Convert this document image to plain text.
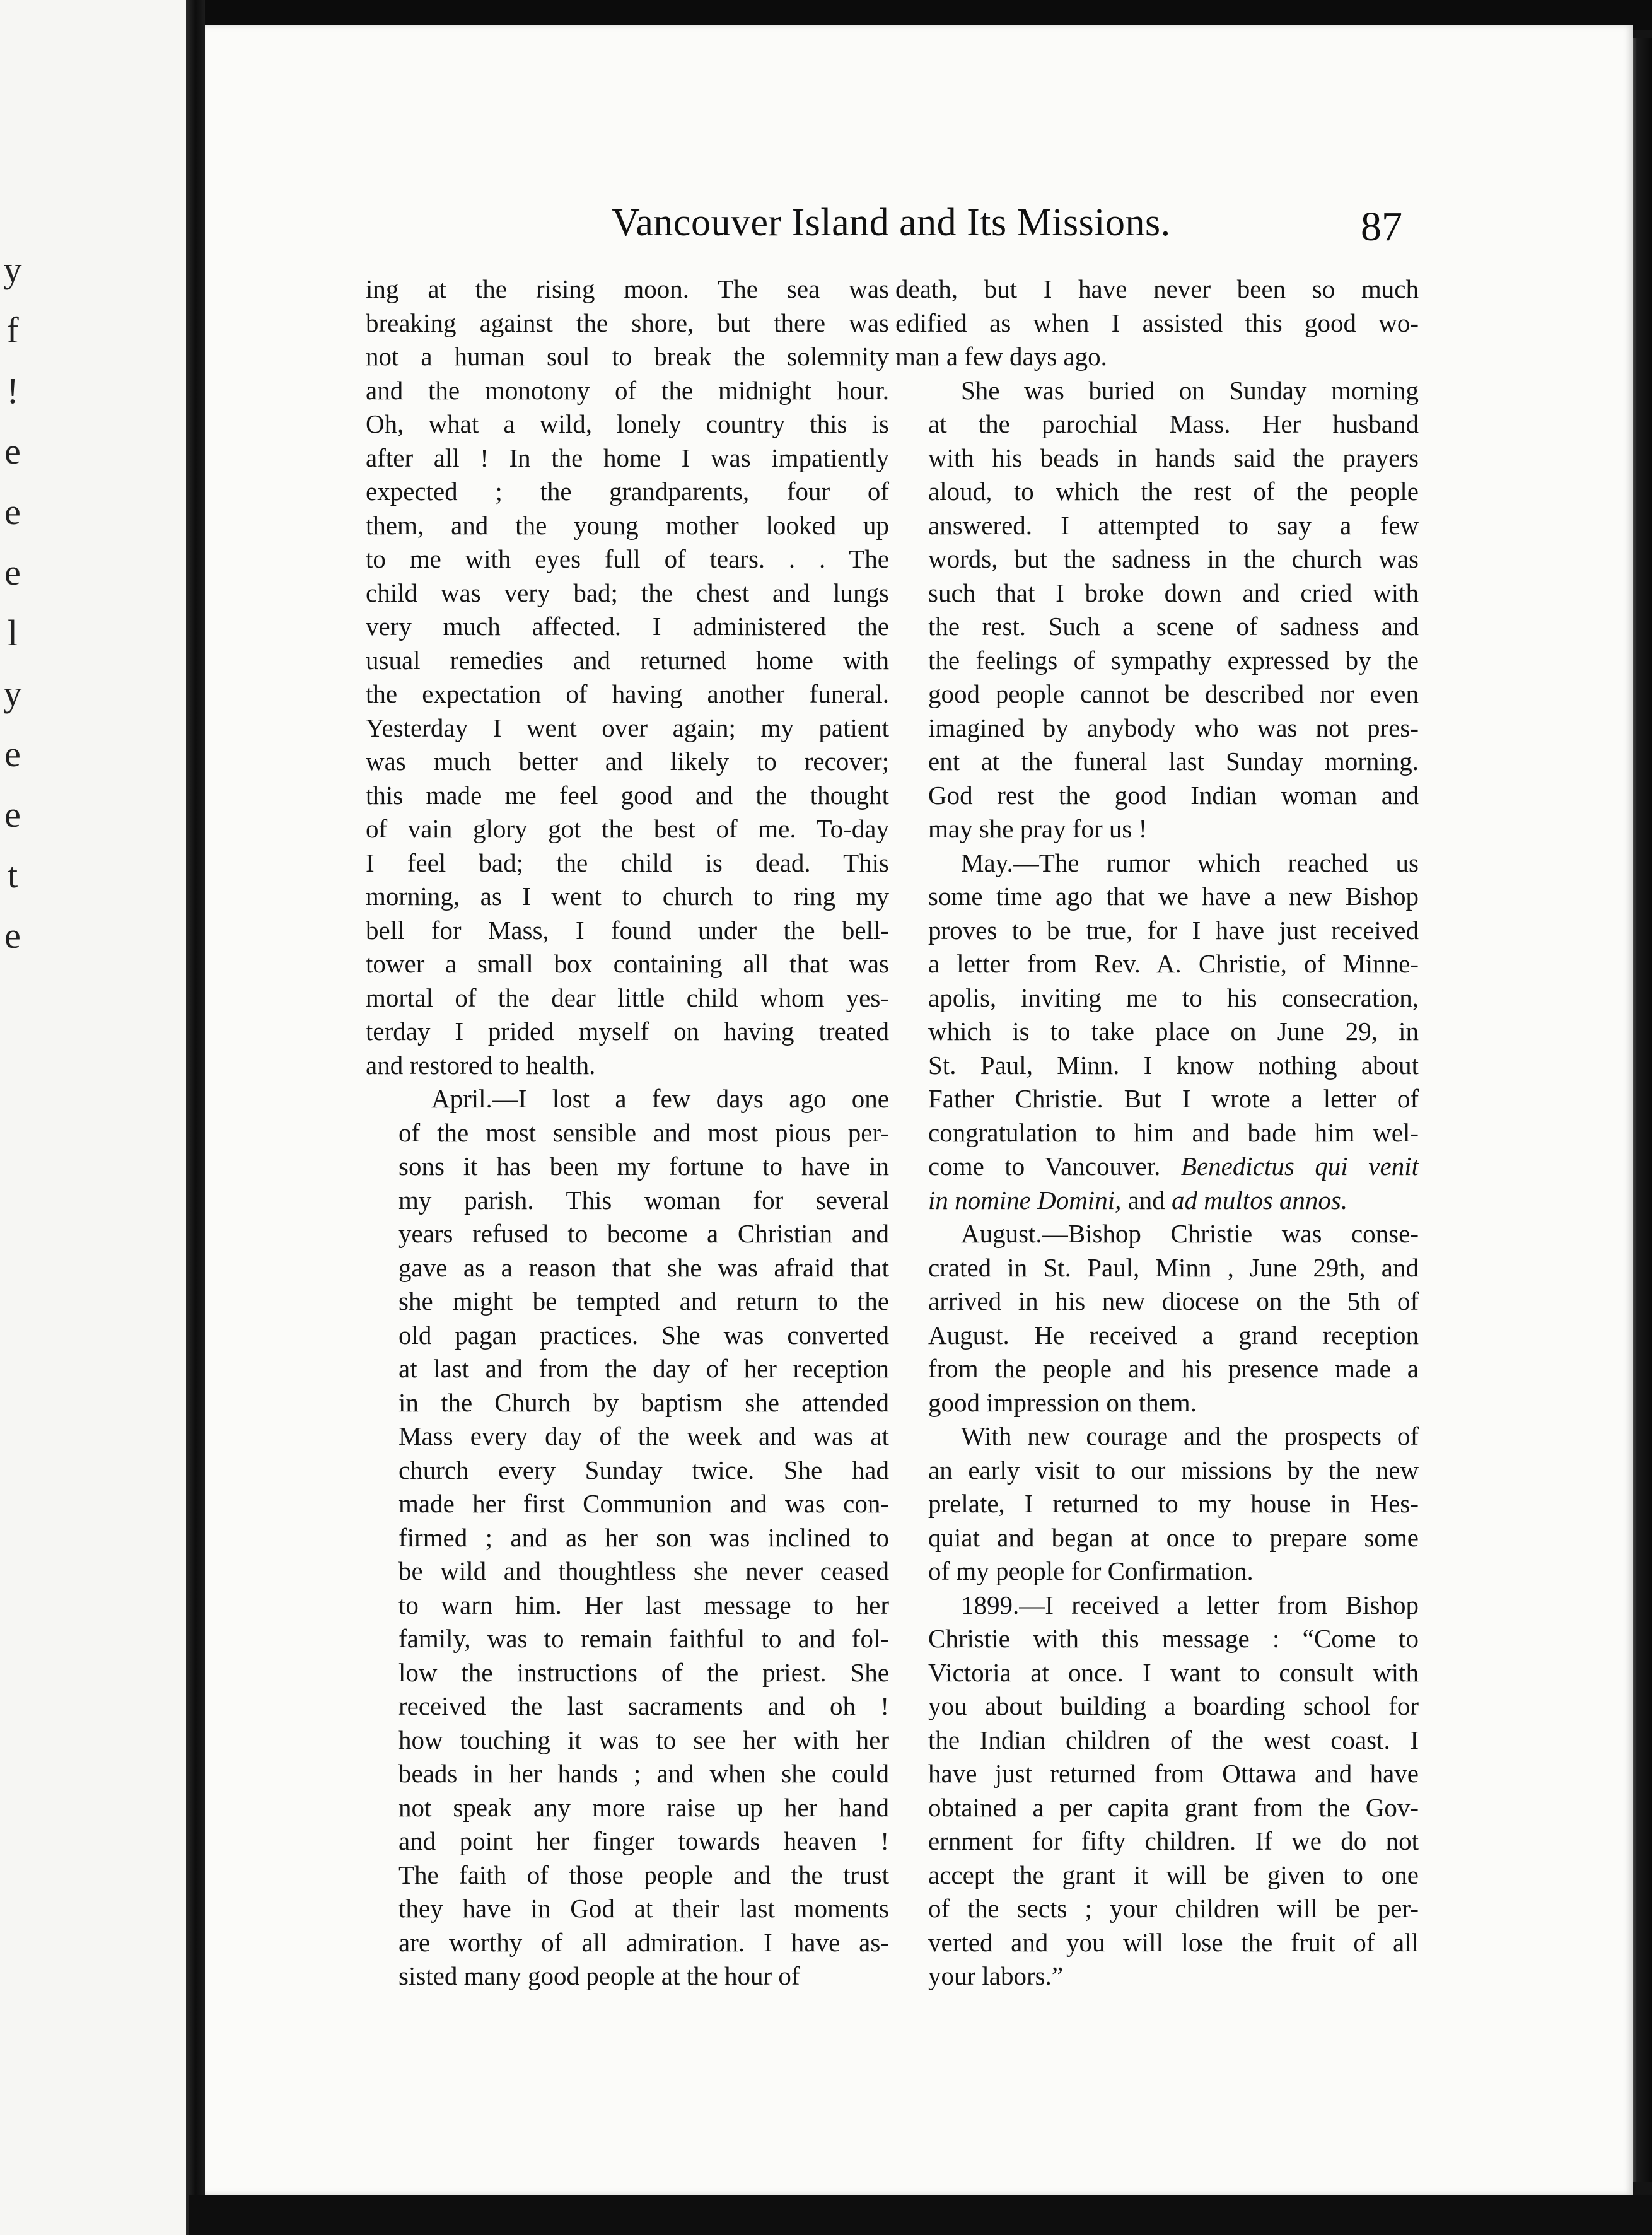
y
f
!
e
e
e
l
y
e
e
t
e
Vancouver Island and Its Missions.	87
ing at the rising moon. The sea was
breaking against the shore, but there was
not a human soul to break the solemnity
and the monotony of the midnight hour.
Oh, what a wild, lonely country this is
after all ! In the home I was impatiently
expected ; the grandparents, four of
them, and the young mother looked up
to me with eyes full of tears. . . The
child was very bad; the chest and lungs
very much affected. I administered the
usual remedies and returned home with
the expectation of having another funeral.
Yesterday I went over again; my patient
was much better and likely to recover;
this made me feel good and the thought
of vain glory got the best of me. To-day
I feel bad; the child is dead. This
morning, as I went to church to ring my
bell for Mass, I found under the bell-
tower a small box containing all that was
mortal of the dear little child whom yes-
terday I prided myself on having treated
and restored to health.
April.—I lost a few days ago one
of the most sensible and most pious per-
sons it has been my fortune to have in
my parish. This woman for several
years refused to become a Christian and
gave as a reason that she was afraid that
she might be tempted and return to the
old pagan practices. She was converted
at last and from the day of her reception
in the Church by baptism she attended
Mass every day of the week and was at
church every Sunday twice. She had
made her first Communion and was con-
firmed ; and as her son was inclined to
be wild and thoughtless she never ceased
to warn him. Her last message to her
family, was to remain faithful to and fol-
low the instructions of the priest. She
received the last sacraments and oh !
how touching it was to see her with her
beads in her hands ; and when she could
not speak any more raise up her hand
and point her finger towards heaven !
The faith of those people and the trust
they have in God at their last moments
are worthy of all admiration. I have as-
sisted many good people at the hour of
death, but I have never been so much
edified as when I assisted this good wo-
man a few days ago.
She was buried on Sunday morning
at the parochial Mass. Her husband
with his beads in hands said the prayers
aloud, to which the rest of the people
answered. I attempted to say a few
words, but the sadness in the church was
such that I broke down and cried with
the rest. Such a scene of sadness and
the feelings of sympathy expressed by the
good people cannot be described nor even
imagined by anybody who was not pres-
ent at the funeral last Sunday morning.
God rest the good Indian woman and
may she pray for us !
May.—The rumor which reached us
some time ago that we have a new Bishop
proves to be true, for I have just received
a letter from Rev. A. Christie, of Minne-
apolis, inviting me to his consecration,
which is to take place on June 29, in
St. Paul, Minn. I know nothing about
Father Christie. But I wrote a letter of
congratulation to him and bade him wel-
come to Vancouver. Benedictus qui venit
in nomine Domini, and ad multos annos.
August.—Bishop Christie was conse-
crated in St. Paul, Minn , June 29th, and
arrived in his new diocese on the 5th of
August. He received a grand reception
from the people and his presence made a
good impression on them.
With new courage and the prospects of
an early visit to our missions by the new
prelate, I returned to my house in Hes-
quiat and began at once to prepare some
of my people for Confirmation.
1899.—I received a letter from Bishop
Christie with this message : “Come to
Victoria at once. I want to consult with
you about building a boarding school for
the Indian children of the west coast. I
have just returned from Ottawa and have
obtained a per capita grant from the Gov-
ernment for fifty children. If we do not
accept the grant it will be given to one
of the sects ; your children will be per-
verted and you will lose the fruit of all
your labors.”
